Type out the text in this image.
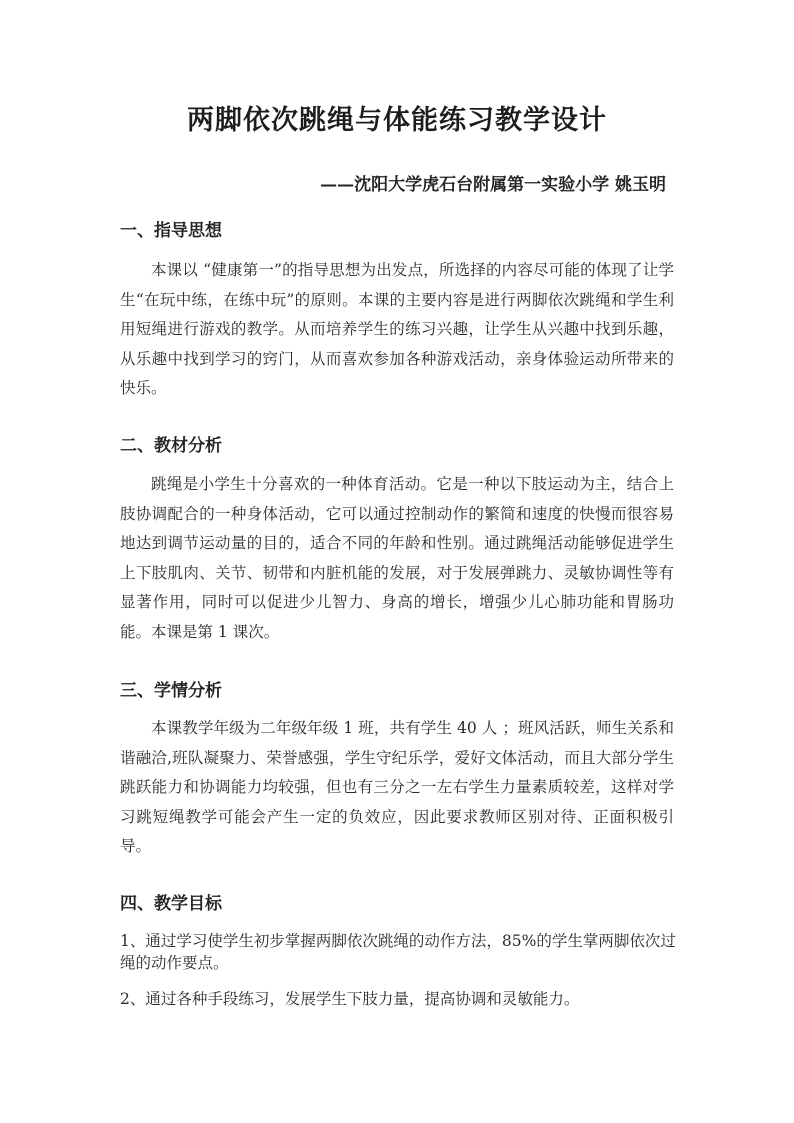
两脚依次跳绳与体能练习教学设计
——沈阳大学虎石台附属第一实验小学 姚玉明
一、指导思想
本课以 “健康第一”的指导思想为出发点，所选择的内容尽可能的体现了让学生“在玩中练，在练中玩”的原则。本课的主要内容是进行两脚依次跳绳和学生利用短绳进行游戏的教学。从而培养学生的练习兴趣，让学生从兴趣中找到乐趣，从乐趣中找到学习的窍门，从而喜欢参加各种游戏活动，亲身体验运动所带来的快乐。
二、教材分析
跳绳是小学生十分喜欢的一种体育活动。它是一种以下肢运动为主，结合上肢协调配合的一种身体活动，它可以通过控制动作的繁简和速度的快慢而很容易地达到调节运动量的目的，适合不同的年龄和性别。通过跳绳活动能够促进学生上下肢肌肉、关节、韧带和内脏机能的发展，对于发展弹跳力、灵敏协调性等有显著作用，同时可以促进少儿智力、身高的增长，增强少儿心肺功能和胃肠功能。本课是第 1 课次。
三、学情分析
本课教学年级为二年级年级 1 班，共有学生 40 人 ；班风活跃，师生关系和谐融洽,班队凝聚力、荣誉感强，学生守纪乐学，爱好文体活动，而且大部分学生跳跃能力和协调能力均较强，但也有三分之一左右学生力量素质较差，这样对学习跳短绳教学可能会产生一定的负效应，因此要求教师区别对待、正面积极引导。
四、教学目标
1、通过学习使学生初步掌握两脚依次跳绳的动作方法，85%的学生掌两脚依次过绳的动作要点。
2、通过各种手段练习，发展学生下肢力量，提高协调和灵敏能力。
